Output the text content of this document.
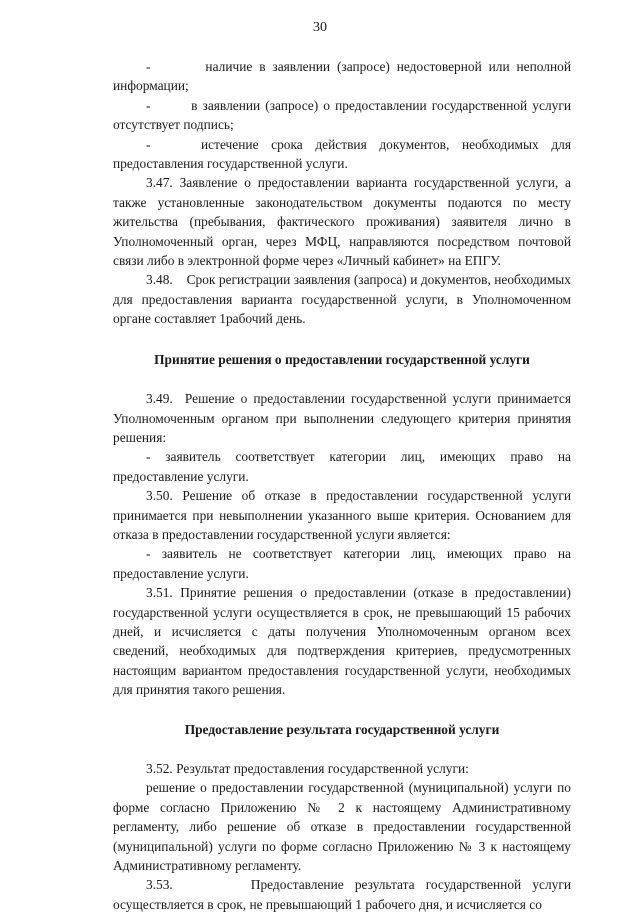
30

-        наличие в заявлении (запросе) недостоверной или неполной информации;

-        в заявлении (запросе) о предоставлении государственной услуги отсутствует подпись;

-    истечение срока действия документов, необходимых для предоставления государственной услуги.

3.47. Заявление о предоставлении варианта государственной услуги, а также установленные законодательством документы подаются по месту жительства (пребывания, фактического проживания) заявителя лично в Уполномоченный орган, через МФЦ, направляются посредством почтовой связи либо в электронной форме через «Личный кабинет» на ЕПГУ.

3.48.    Срок регистрации заявления (запроса) и документов, необходимых для предоставления варианта государственной услуги, в Уполномоченном органе составляет 1рабочий день.

Принятие решения о предоставлении государственной услуги

3.49.  Решение о предоставлении государственной услуги принимается Уполномоченным органом при выполнении следующего критерия принятия решения:

- заявитель соответствует категории лиц, имеющих право на предоставление услуги.

3.50. Решение об отказе в предоставлении государственной услуги принимается при невыполнении указанного выше критерия. Основанием для отказа в предоставлении государственной услуги является:

- заявитель не соответствует категории лиц, имеющих право на предоставление услуги.

3.51. Принятие решения о предоставлении (отказе в предоставлении) государственной услуги осуществляется в срок, не превышающий 15 рабочих дней, и исчисляется с даты получения Уполномоченным органом всех сведений, необходимых для подтверждения критериев, предусмотренных настоящим вариантом предоставления государственной услуги, необходимых для принятия такого решения.

Предоставление результата государственной услуги

3.52. Результат предоставления государственной услуги:

решение о предоставлении государственной (муниципальной) услуги по форме согласно Приложению № 2 к настоящему Административному регламенту, либо решение об отказе в предоставлении государственной (муниципальной) услуги по форме согласно Приложению № 3 к настоящему Административному регламенту.

3.53.       Предоставление результата государственной услуги осуществляется в срок, не превышающий 1 рабочего дня, и исчисляется со
